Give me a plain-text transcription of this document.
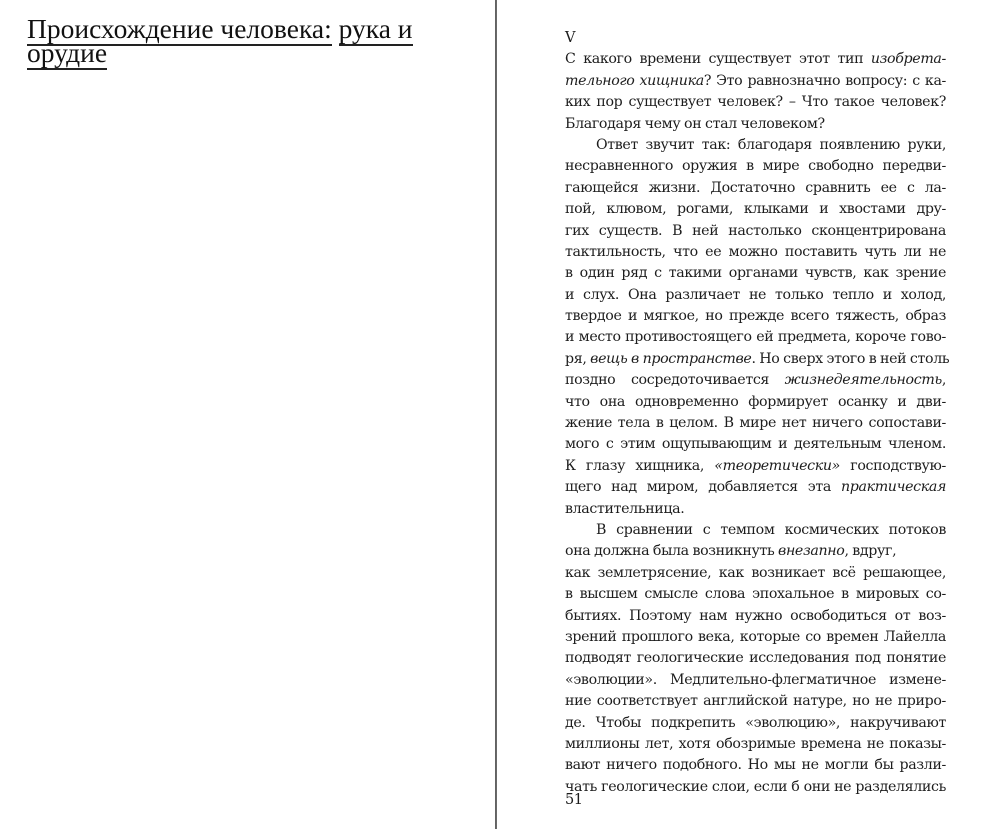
Происхождение человека: рука и орудие	V
С какого времени существует этот тип изобрета-
тельного хищника? Это равнозначно вопросу: с ка-
ких пор существует человек? – Что такое человек?
Благодаря чему он стал человеком?
Ответ звучит так: благодаря появлению руки,
несравненного оружия в мире свободно передви-
гающейся жизни. Достаточно сравнить ее с ла-
пой, клювом, рогами, клыками и хвостами дру-
гих существ. В ней настолько сконцентрирована
тактильность, что ее можно поставить чуть ли не
в один ряд с такими органами чувств, как зрение
и слух. Она различает не только тепло и холод,
твердое и мягкое, но прежде всего тяжесть, образ
и место противостоящего ей предмета, короче гово-
ря, вещь в пространстве. Но сверх этого в ней столь
поздно сосредоточивается жизнедеятельность,
что она одновременно формирует осанку и дви-
жение тела в целом. В мире нет ничего сопостави-
мого с этим ощупывающим и деятельным членом.
К глазу хищника, «теоретически» господствую-
щего над миром, добавляется эта практическая
властительница.
В сравнении с темпом космических потоков
она должна была возникнуть внезапно, вдруг,
как землетрясение, как возникает всё решающее,
в высшем смысле слова эпохальное в мировых со-
бытиях. Поэтому нам нужно освободиться от воз-
зрений прошлого века, которые со времен Лайелла
подводят геологические исследования под понятие
«эволюции». Медлительно-флегматичное измене-
ние соответствует английской натуре, но не приро-
де. Чтобы подкрепить «эволюцию», накручивают
миллионы лет, хотя обозримые времена не показы-
вают ничего подобного. Но мы не могли бы разли-
чать геологические слои, если б они не разделялись
51
